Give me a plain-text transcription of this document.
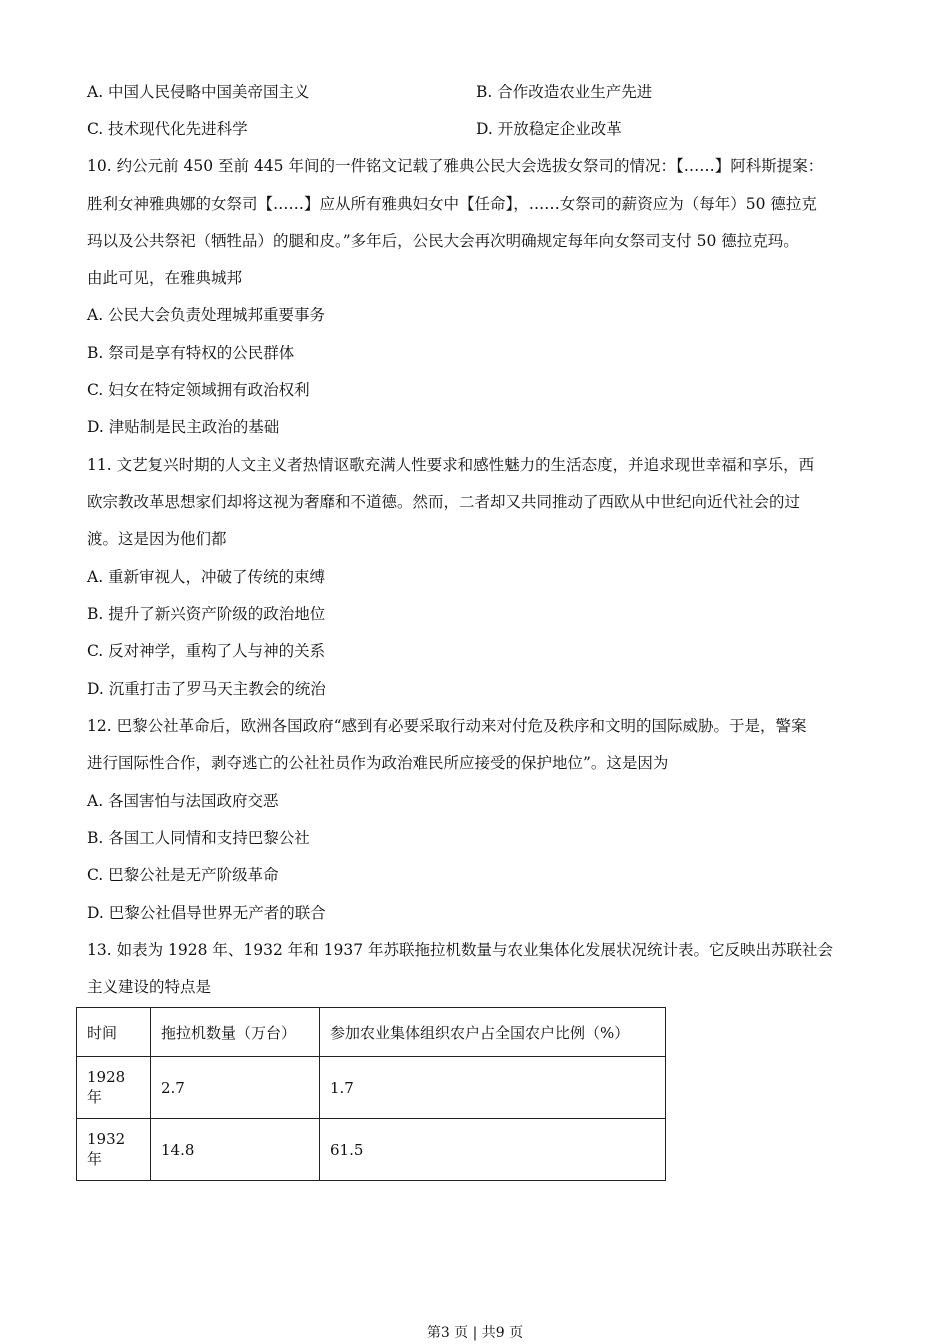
A. 中国人民侵略中国美帝国主义	B. 合作改造农业生产先进
C. 技术现代化先进科学	D. 开放稳定企业改革
10. 约公元前 450 至前 445 年间的一件铭文记载了雅典公民大会选拔女祭司的情况：【……】阿科斯提案：
胜利女神雅典娜的女祭司【……】应从所有雅典妇女中【任命】，……女祭司的薪资应为（每年）50 德拉克
玛以及公共祭祀（牺牲品）的腿和皮。”多年后，公民大会再次明确规定每年向女祭司支付 50 德拉克玛。
由此可见，在雅典城邦
A. 公民大会负责处理城邦重要事务
B. 祭司是享有特权的公民群体
C. 妇女在特定领域拥有政治权利
D. 津贴制是民主政治的基础
11. 文艺复兴时期的人文主义者热情讴歌充满人性要求和感性魅力的生活态度，并追求现世幸福和享乐，西
欧宗教改革思想家们却将这视为奢靡和不道德。然而，二者却又共同推动了西欧从中世纪向近代社会的过
渡。这是因为他们都
A. 重新审视人，冲破了传统的束缚
B. 提升了新兴资产阶级的政治地位
C. 反对神学，重构了人与神的关系
D. 沉重打击了罗马天主教会的统治
12. 巴黎公社革命后，欧洲各国政府“感到有必要采取行动来对付危及秩序和文明的国际威胁。于是，警案
进行国际性合作，剥夺逃亡的公社社员作为政治难民所应接受的保护地位”。这是因为
A. 各国害怕与法国政府交恶
B. 各国工人同情和支持巴黎公社
C. 巴黎公社是无产阶级革命
D. 巴黎公社倡导世界无产者的联合
13. 如表为 1928 年、1932 年和 1937 年苏联拖拉机数量与农业集体化发展状况统计表。它反映出苏联社会
主义建设的特点是
时间	拖拉机数量（万台）	参加农业集体组织农户占全国农户比例（%）
1928 年	2.7	1.7
1932 年	14.8	61.5
第3 页 | 共9 页
